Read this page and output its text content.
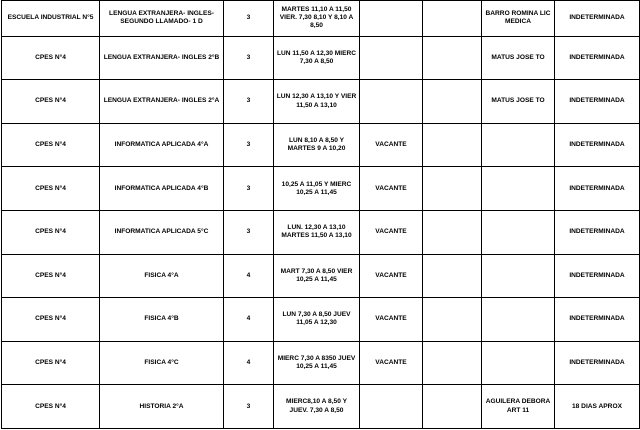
ESCUELA INDUSTRIAL N°5	LENGUA EXTRANJERA- INGLES- SEGUNDO LLAMADO- 1 D	3	MARTES 11,10 A 11,50 VIER. 7,30 8,10 Y 8,10 A 8,50			BARRO ROMINA LIC MEDICA	INDETERMINADA
CPES N°4	LENGUA EXTRANJERA- INGLES 2°B	3	LUN 11,50 A 12,30 MIERC 7,30 A 8,50			MATUS JOSE TO	INDETERMINADA
CPES N°4	LENGUA EXTRANJERA- INGLES 2°A	3	LUN 12,30 A 13,10 Y VIER 11,50 A 13,10			MATUS JOSE TO	INDETERMINADA
CPES N°4	INFORMATICA APLICADA 4°A	3	LUN 8,10 A 8,50 Y MARTES 9 A 10,20	VACANTE			INDETERMINADA
CPES N°4	INFORMATICA APLICADA 4°B	3	10,25 A 11,05 Y MIERC 10,25 A 11,45	VACANTE			INDETERMINADA
CPES N°4	INFORMATICA APLICADA 5°C	3	LUN. 12,30 A 13,10 MARTES 11,50 A 13,10	VACANTE			INDETERMINADA
CPES N°4	FISICA 4°A	4	MART 7,30 A 8,50 VIER 10,25 A 11,45	VACANTE			INDETERMINADA
CPES N°4	FISICA 4°B	4	LUN 7,30 A 8,50 JUEV 11,05 A 12,30	VACANTE			INDETERMINADA
CPES N°4	FISICA 4°C	4	MIERC 7,30 A 8350 JUEV 10,25 A 11,45	VACANTE			INDETERMINADA
CPES N°4	HISTORIA 2°A	3	MIERC8,10 A 8,50 Y JUEV. 7,30 A 8,50			AGUILERA DEBORA ART 11	18 DIAS APROX
